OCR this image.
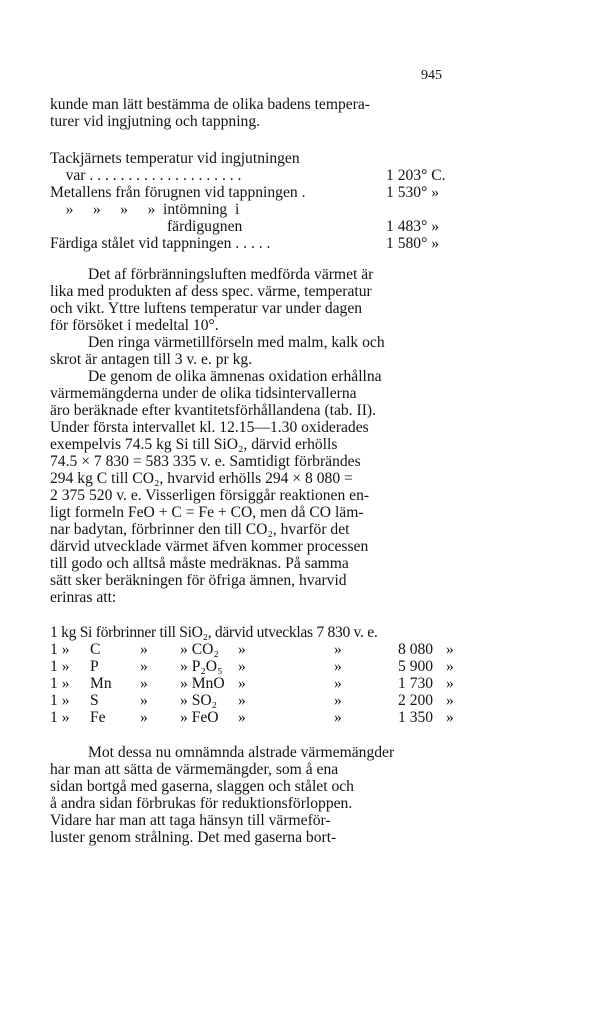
945
kunde man lätt bestämma de olika badens tempera-
turer vid ingjutning och tappning.
Tackjärnets temperatur vid ingjutningen
var . . . . . . . . . . . . . . . . . . . .	1 203° C.
Metallens från förugnen vid tappningen .	1 530° »
»     »     »     »  intömning  i
färdigugnen	1 483° »
Färdiga stålet vid tappningen . . . . .	1 580° »
Det af förbränningsluften medförda värmet är
lika med produkten af dess spec. värme, temperatur
och vikt. Yttre luftens temperatur var under dagen
för försöket i medeltal 10°.
Den ringa värmetillförseln med malm, kalk och
skrot är antagen till 3 v. e. pr kg.
De genom de olika ämnenas oxidation erhållna
värmemängderna under de olika tidsintervallerna
äro beräknade efter kvantitetsförhållandena (tab. II).
Under första intervallet kl. 12.15—1.30 oxiderades
exempelvis 74.5 kg Si till SiO₂, därvid erhölls
74.5 × 7 830 = 583 335 v. e. Samtidigt förbrändes
294 kg C till CO₂, hvarvid erhölls 294 × 8 080 =
2 375 520 v. e. Visserligen försiggår reaktionen en-
ligt formeln FeO + C = Fe + CO, men då CO läm-
nar badytan, förbrinner den till CO₂, hvarför det
därvid utvecklade värmet äfven kommer processen
till godo och alltså måste medräknas. På samma
sätt sker beräkningen för öfriga ämnen, hvarvid
erinras att:
1 kg Si förbrinner till SiO₂, därvid utvecklas 7 830 v. e.
1 »	C	»	» CO₂	»	»	8 080 »
1 »	P	»	» P₂O₅ »	»	5 900 »
1 »	Mn	»	» MnO »	»	1 730 »
1 »	S	»	» SO₂	»	»	2 200 »
1 »	Fe	»	» FeO	»	»	1 350 »
Mot dessa nu omnämnda alstrade värmemängder
har man att sätta de värmemängder, som å ena
sidan bortgå med gaserna, slaggen och stålet och
å andra sidan förbrukas för reduktionsförloppen.
Vidare har man att taga hänsyn till värmeför-
luster genom strålning. Det med gaserna bort-
